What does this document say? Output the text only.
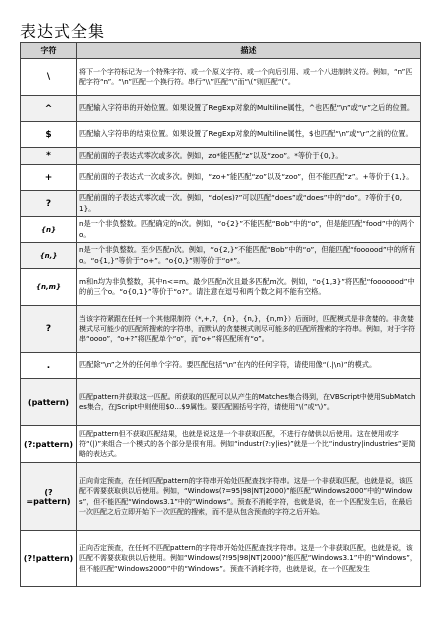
表达式全集
字符	描述
\	将下一个字符标记为一个特殊字符、或一个原义字符、或一个向后引用、或一个八进制转义符。例如，“n”匹配字符“n”。“\n”匹配一个换行符。串行“\\”匹配“\”而“\(”则匹配“(”。
^	匹配输入字符串的开始位置。如果设置了RegExp对象的Multiline属性，^也匹配“\n”或“\r”之后的位置。
$	匹配输入字符串的结束位置。如果设置了RegExp对象的Multiline属性，$也匹配“\n”或“\r”之前的位置。
*	匹配前面的子表达式零次或多次。例如，zo*能匹配“z”以及“zoo”。*等价于{0,}。
+	匹配前面的子表达式一次或多次。例如，“zo+”能匹配“zo”以及“zoo”，但不能匹配“z”。+等价于{1,}。
?	匹配前面的子表达式零次或一次。例如，“do(es)?”可以匹配“does”或“does”中的“do”。?等价于{0,1}。
{n}	n是一个非负整数。匹配确定的n次。例如，“o{2}”不能匹配“Bob”中的“o”，但是能匹配“food”中的两个o。
{n,}	n是一个非负整数。至少匹配n次。例如，“o{2,}”不能匹配“Bob”中的“o”，但能匹配“foooood”中的所有o。“o{1,}”等价于“o+”。“o{0,}”则等价于“o*”。
{n,m}	m和n均为非负整数，其中n<=m。最少匹配n次且最多匹配m次。例如，“o{1,3}”将匹配“fooooood”中的前三个o。“o{0,1}”等价于“o?”。请注意在逗号和两个数之间不能有空格。
?	当该字符紧跟在任何一个其他限制符（*,+,?，{n}，{n,}，{n,m}）后面时，匹配模式是非贪婪的。非贪婪模式尽可能少的匹配所搜索的字符串，而默认的贪婪模式则尽可能多的匹配所搜索的字符串。例如，对于字符串“oooo”，“o+?”将匹配单个“o”，而“o+”将匹配所有“o”。
.	匹配除“\n”之外的任何单个字符。要匹配包括“\n”在内的任何字符，请使用像“(.|\n)”的模式。
(pattern)	匹配pattern并获取这一匹配。所获取的匹配可以从产生的Matches集合得到，在VBScript中使用SubMatches集合，在JScript中则使用$0…$9属性。要匹配圆括号字符，请使用“\(”或“\)”。
(?:pattern)	匹配pattern但不获取匹配结果，也就是说这是一个非获取匹配，不进行存储供以后使用。这在使用或字符“(|)”来组合一个模式的各个部分是很有用。例如“industr(?:y|ies)”就是一个比“industry|industries”更简略的表达式。
(?=pattern)	正向肯定预查，在任何匹配pattern的字符串开始处匹配查找字符串。这是一个非获取匹配，也就是说，该匹配不需要获取供以后使用。例如，“Windows(?=95|98|NT|2000)”能匹配“Windows2000”中的“Windows”，但不能匹配“Windows3.1”中的“Windows”。预查不消耗字符，也就是说，在一个匹配发生后，在最后一次匹配之后立即开始下一次匹配的搜索，而不是从包含预查的字符之后开始。
(?!pattern)	正向否定预查，在任何不匹配pattern的字符串开始处匹配查找字符串。这是一个非获取匹配，也就是说，该匹配不需要获取供以后使用。例如“Windows(?!95|98|NT|2000)”能匹配“Windows3.1”中的“Windows”，但不能匹配“Windows2000”中的“Windows”。预查不消耗字符，也就是说，在一个匹配发生
